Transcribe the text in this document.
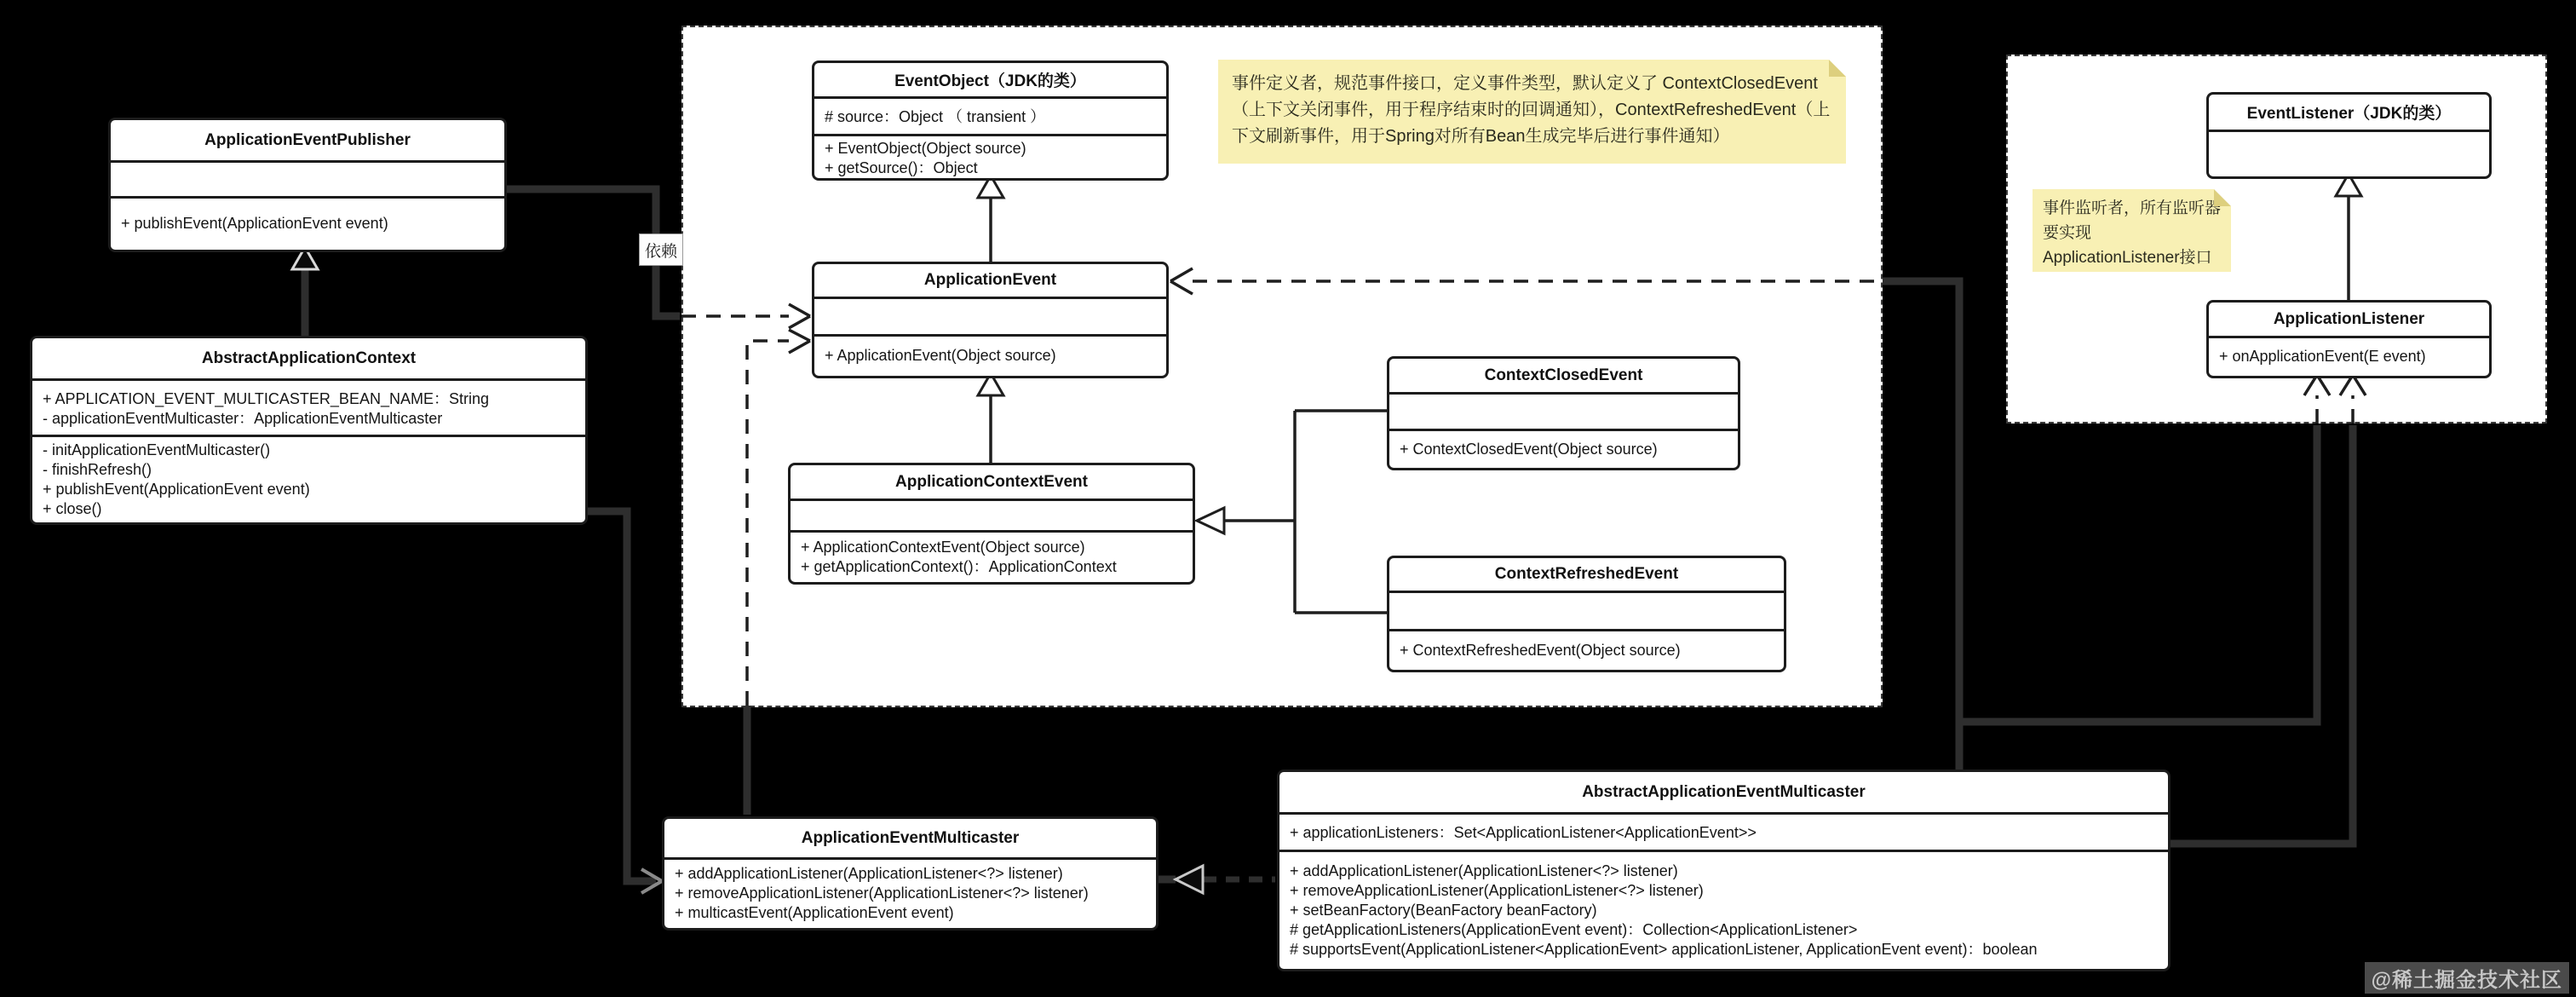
事件定义者，规范事件接口，定义事件类型，默认定义了 ContextClosedEvent（上下文关闭事件，用于程序结束时的回调通知），ContextRefreshedEvent（上下文刷新事件，用于Spring对所有Bean生成完毕后进行事件通知）
事件监听者，所有监听器要实现ApplicationListener接口
ApplicationEventPublisher
+ publishEvent(ApplicationEvent event)
AbstractApplicationContext
+ APPLICATION_EVENT_MULTICASTER_BEAN_NAME：String
- applicationEventMulticaster：ApplicationEventMulticaster
- initApplicationEventMulticaster()
- finishRefresh()
+ publishEvent(ApplicationEvent event)
+ close()
EventObject（JDK的类）
# source：Object （ transient ）
+ EventObject(Object source)
+ getSource()：Object
ApplicationEvent
+ ApplicationEvent(Object source)
ApplicationContextEvent
+ ApplicationContextEvent(Object source)
+ getApplicationContext()：ApplicationContext
ContextClosedEvent
+ ContextClosedEvent(Object source)
ContextRefreshedEvent
+ ContextRefreshedEvent(Object source)
EventListener（JDK的类）
ApplicationListener
+ onApplicationEvent(E event)
ApplicationEventMulticaster
+ addApplicationListener(ApplicationListener<?> listener)
+ removeApplicationListener(ApplicationListener<?> listener)
+ multicastEvent(ApplicationEvent event)
AbstractApplicationEventMulticaster
+ applicationListeners：Set<ApplicationListener<ApplicationEvent>>
+ addApplicationListener(ApplicationListener<?> listener)
+ removeApplicationListener(ApplicationListener<?> listener)
+ setBeanFactory(BeanFactory beanFactory)
# getApplicationListeners(ApplicationEvent event)：Collection<ApplicationListener>
# supportsEvent(ApplicationListener<ApplicationEvent> applicationListener, ApplicationEvent event)：boolean
依赖
@稀土掘金技术社区
